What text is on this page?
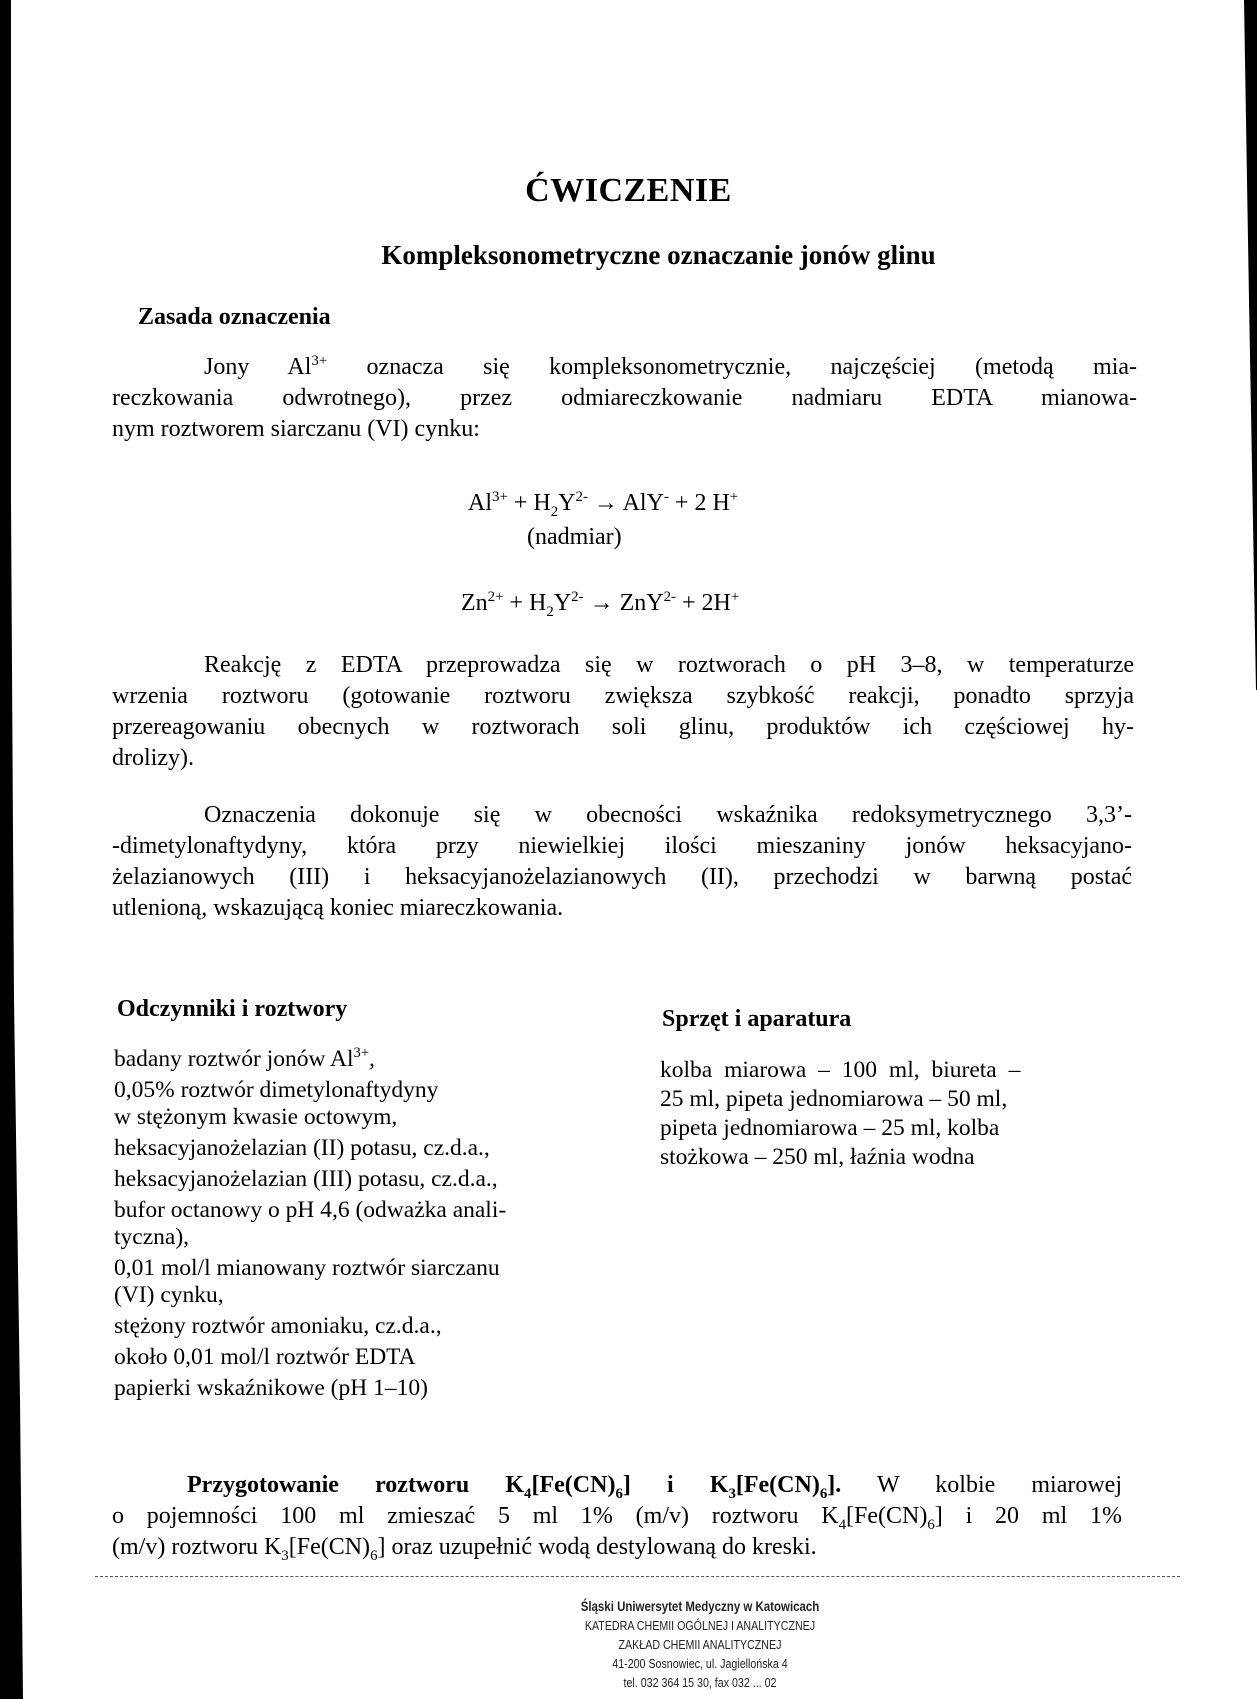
ĆWICZENIE
Kompleksonometryczne oznaczanie jonów glinu
Zasada oznaczenia
Jony $Al^{3+}$ oznacza się kompleksonometrycznie, najczęściej (metodą mia-
reczkowania odwrotnego), przez odmiareczkowanie nadmiaru EDTA mianowa-
nym roztworem siarczanu (VI) cynku:
$Al^{3+} + H_2Y^{2-} \to AlY^- + 2$ H+
(nadmiar)
$Zn^{2+} + H_2Y^{2-} \to ZnY^{2-} + 2H^+$
Reakcję z EDTA przeprowadza się w roztworach o pH 3–8, w temperaturze
wrzenia roztworu (gotowanie roztworu zwiększa szybkość reakcji, ponadto sprzyja
przereagowaniu obecnych w roztworach soli glinu, produktów ich częściowej hy-
drolizy).
Oznaczenia dokonuje się w obecności wskaźnika redoksymetrycznego 3,3’-
-dimetylonaftydyny, która przy niewielkiej ilości mieszaniny jonów heksacyjano-
żelazianowych (III) i heksacyjanożelazianowych (II), przechodzi w barwną postać
utlenioną, wskazującą koniec miareczkowania.
Odczynniki i roztwory
badany roztwór jonów $Al^{3+}$,
0,05% roztwór dimetylonaftydyny
w stężonym kwasie octowym,
heksacyjanożelazian (II) potasu, cz.d.a.,
heksacyjanożelazian (III) potasu, cz.d.a.,
bufor octanowy o pH 4,6 (odważka anali-
tyczna),
0,01 mol/l mianowany roztwór siarczanu
(VI) cynku,
stężony roztwór amoniaku, cz.d.a.,
około 0,01 mol/l roztwór EDTA
papierki wskaźnikowe (pH 1–10)
Sprzęt i aparatura
kolba miarowa – 100 ml, biureta –
25 ml, pipeta jednomiarowa – 50 ml,
pipeta jednomiarowa – 25 ml, kolba
stożkowa – 250 ml, łaźnia wodna
Przygotowanie roztworu $K_4[Fe(CN)_6]$ i $K_3[Fe(CN)_6]$. W kolbie miarowej
o pojemności 100 ml zmieszać 5 ml 1% (m/v) roztworu $K_4[Fe(CN)_6]$ i 20 ml 1%
(m/v) roztworu $K_3[Fe(CN)_6]$ oraz uzupełnić wodą destylowaną do kreski.
Śląski Uniwersytet Medyczny w Katowicach
KATEDRA CHEMII OGÓLNEJ I ANALITYCZNEJ
ZAKŁAD CHEMII ANALITYCZNEJ
41-200 Sosnowiec, ul. Jagiellońska 4
tel. 032 364 15 30, fax 032 ... 02
